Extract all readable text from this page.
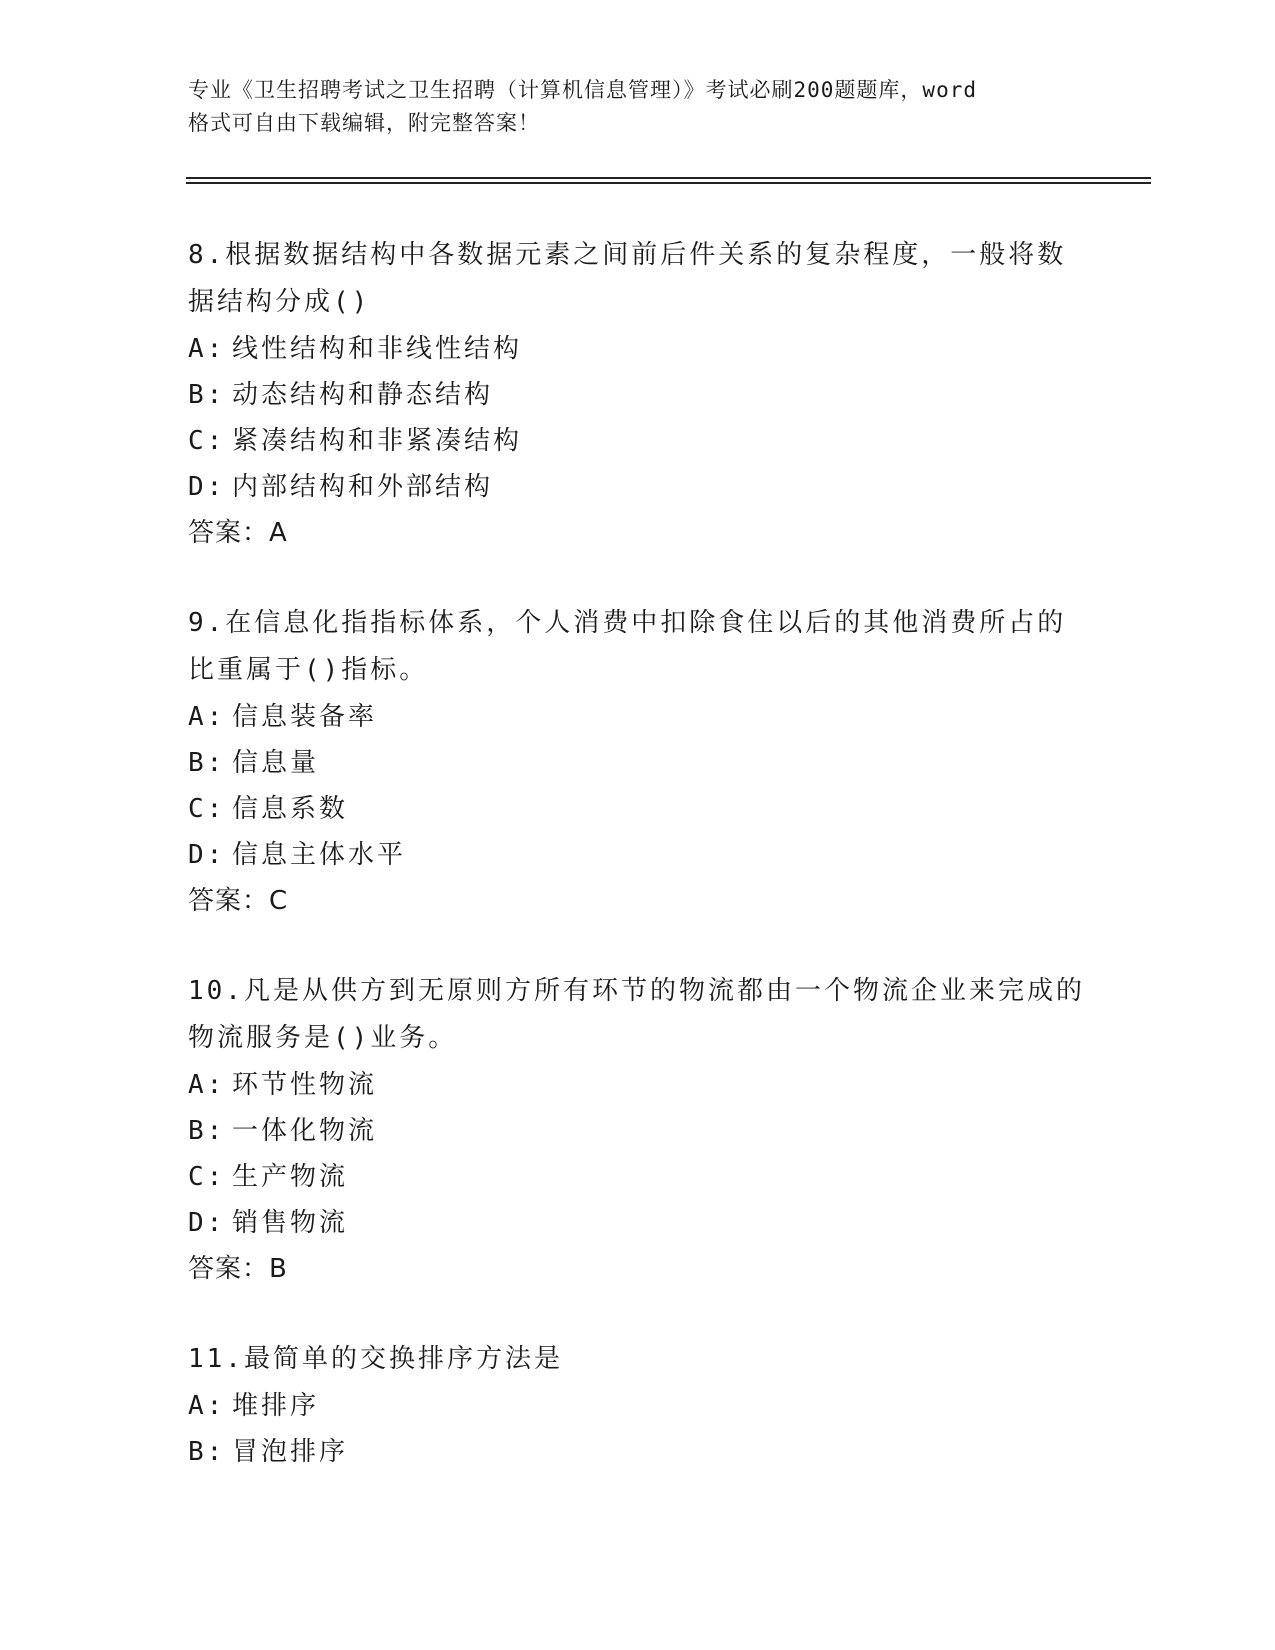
专业《卫生招聘考试之卫生招聘（计算机信息管理）》考试必刷200题题库，word
格式可自由下载编辑，附完整答案！

8.根据数据结构中各数据元素之间前后件关系的复杂程度，一般将数
据结构分成()

A: 线性结构和非线性结构

B: 动态结构和静态结构

C: 紧凑结构和非紧凑结构

D: 内部结构和外部结构

答案：A

9.在信息化指指标体系，个人消费中扣除食住以后的其他消费所占的
比重属于()指标。

A: 信息装备率

B: 信息量

C: 信息系数

D: 信息主体水平

答案：C

10.凡是从供方到无原则方所有环节的物流都由一个物流企业来完成的
物流服务是()业务。

A: 环节性物流

B: 一体化物流

C: 生产物流

D: 销售物流

答案：B

11.最简单的交换排序方法是

A: 堆排序

B: 冒泡排序
